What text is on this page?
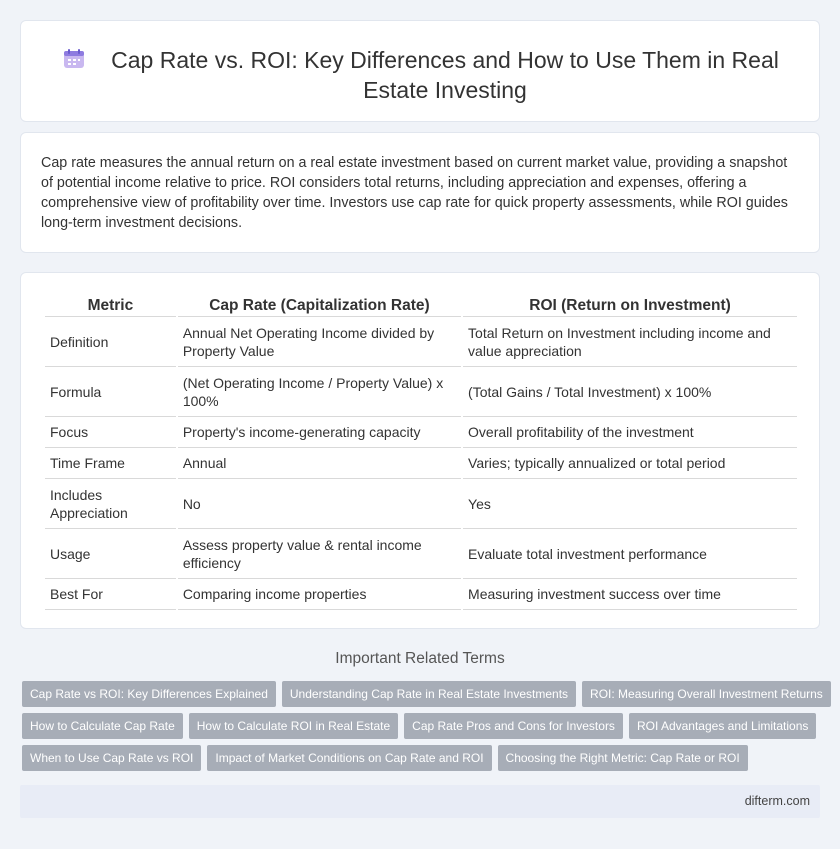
Cap Rate vs. ROI: Key Differences and How to Use Them in Real Estate Investing

Cap rate measures the annual return on a real estate investment based on current market value, providing a snapshot of potential income relative to price. ROI considers total returns, including appreciation and expenses, offering a comprehensive view of profitability over time. Investors use cap rate for quick property assessments, while ROI guides long-term investment decisions.

Metric	Cap Rate (Capitalization Rate)	ROI (Return on Investment)
Definition	Annual Net Operating Income divided by Property Value	Total Return on Investment including income and value appreciation
Formula	(Net Operating Income / Property Value) x 100%	(Total Gains / Total Investment) x 100%
Focus	Property's income-generating capacity	Overall profitability of the investment
Time Frame	Annual	Varies; typically annualized or total period
Includes Appreciation	No	Yes
Usage	Assess property value & rental income efficiency	Evaluate total investment performance
Best For	Comparing income properties	Measuring investment success over time
Important Related Terms
Cap Rate vs ROI: Key Differences Explained	Understanding Cap Rate in Real Estate Investments	ROI: Measuring Overall Investment Returns
How to Calculate Cap Rate	How to Calculate ROI in Real Estate	Cap Rate Pros and Cons for Investors	ROI Advantages and Limitations
When to Use Cap Rate vs ROI	Impact of Market Conditions on Cap Rate and ROI	Choosing the Right Metric: Cap Rate or ROI
difterm.com
